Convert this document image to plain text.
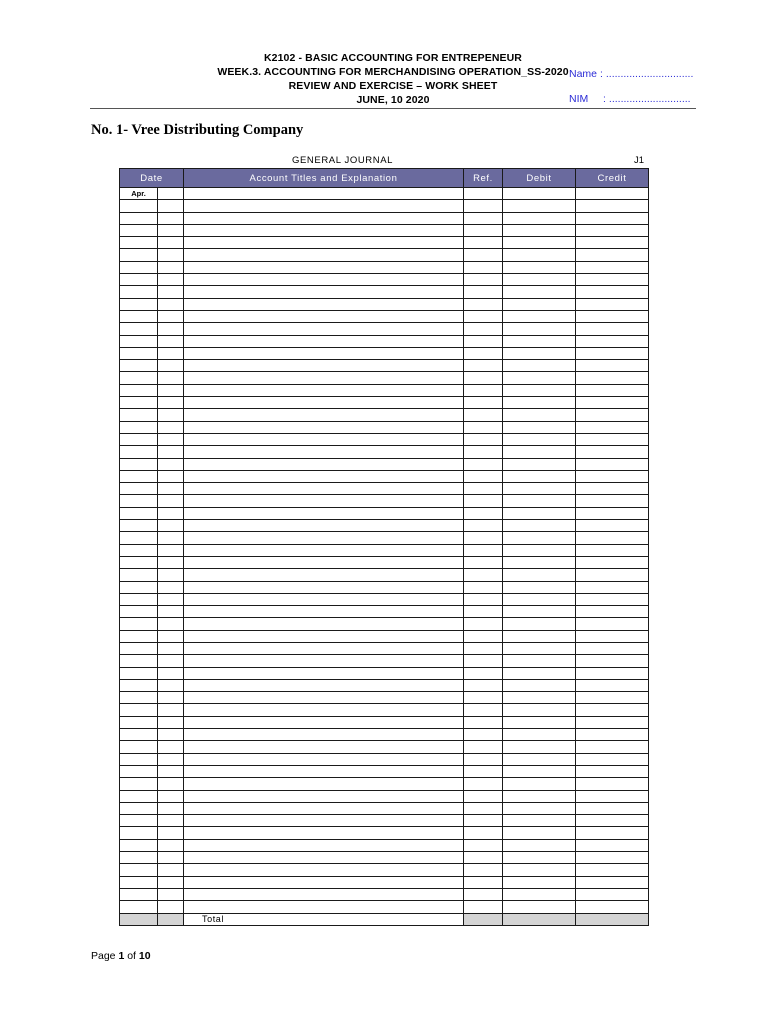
K2102 - BASIC ACCOUNTING FOR ENTREPENEUR
WEEK.3. ACCOUNTING FOR MERCHANDISING OPERATION_SS-2020
REVIEW AND EXERCISE – WORK SHEET
JUNE, 10 2020
Name : ..............................
NIM : ............................
No. 1- Vree Distributing Company
GENERAL JOURNAL	J1
Date		Account Titles and Explanation	Ref.	Debit	Credit
Apr.					

		Total			
Page 1 of 10
